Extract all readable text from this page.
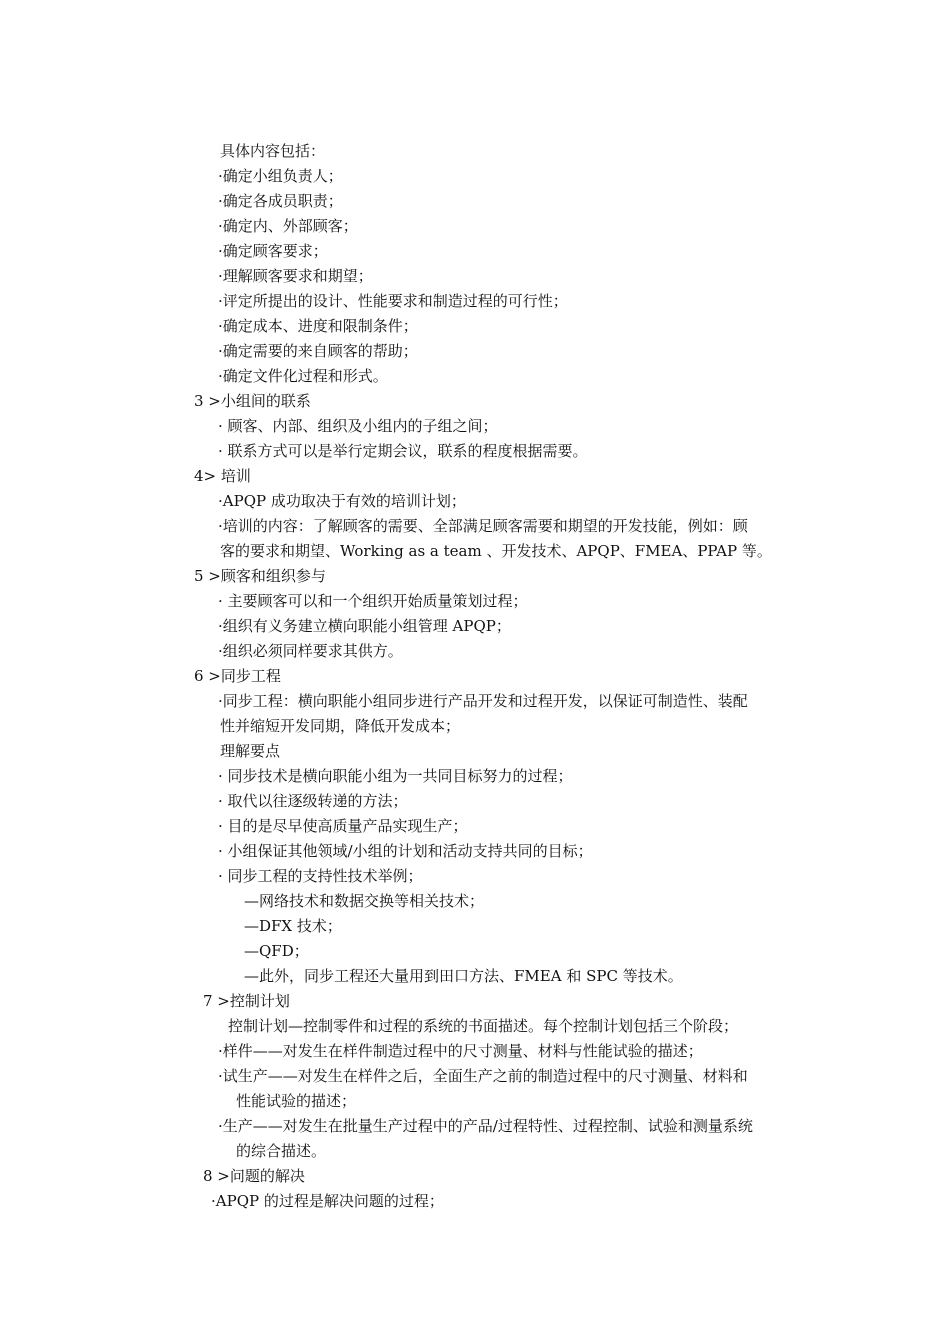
具体内容包括：
·确定小组负责人；
·确定各成员职责；
·确定内、外部顾客；
·确定顾客要求；
·理解顾客要求和期望；
·评定所提出的设计、性能要求和制造过程的可行性；
·确定成本、进度和限制条件；
·确定需要的来自顾客的帮助；
·确定文件化过程和形式。
3 >小组间的联系
· 顾客、内部、组织及小组内的子组之间；
· 联系方式可以是举行定期会议，联系的程度根据需要。
4> 培训
·APQP 成功取决于有效的培训计划；
·培训的内容：了解顾客的需要、全部满足顾客需要和期望的开发技能，例如：顾
客的要求和期望、Working as a team 、开发技术、APQP、FMEA、PPAP 等。
5 >顾客和组织参与
· 主要顾客可以和一个组织开始质量策划过程；
·组织有义务建立横向职能小组管理 APQP；
·组织必须同样要求其供方。
6 >同步工程
·同步工程：横向职能小组同步进行产品开发和过程开发，以保证可制造性、装配
性并缩短开发同期，降低开发成本；
理解要点
· 同步技术是横向职能小组为一共同目标努力的过程；
· 取代以往逐级转递的方法；
· 目的是尽早使高质量产品实现生产；
· 小组保证其他领域/小组的计划和活动支持共同的目标；
· 同步工程的支持性技术举例；
—网络技术和数据交换等相关技术；
—DFX 技术；
—QFD；
—此外，同步工程还大量用到田口方法、FMEA 和 SPC 等技术。
7 >控制计划
控制计划—控制零件和过程的系统的书面描述。每个控制计划包括三个阶段；
·样件——对发生在样件制造过程中的尺寸测量、材料与性能试验的描述；
·试生产——对发生在样件之后，全面生产之前的制造过程中的尺寸测量、材料和
性能试验的描述；
·生产——对发生在批量生产过程中的产品/过程特性、过程控制、试验和测量系统
的综合描述。
8 >问题的解决
·APQP 的过程是解决问题的过程；
